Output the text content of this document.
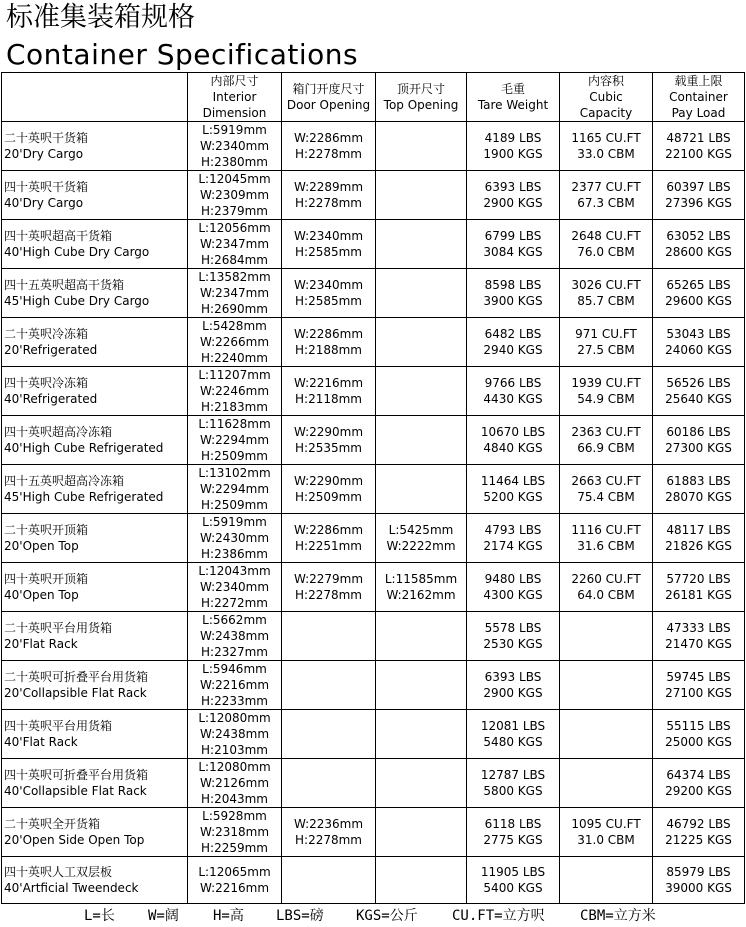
标准集装箱规格
Container Specifications

	内部尺寸
Interior
Dimension	箱门开度尺寸
Door Opening	顶开尺寸
Top Opening	毛重
Tare Weight	内容积
Cubic
Capacity	载重上限
Container
Pay Load

二十英呎干货箱
20'Dry Cargo	L:5919mm
W:2340mm
H:2380mm	W:2286mm
H:2278mm		4189 LBS
1900 KGS	1165 CU.FT
33.0 CBM	48721 LBS
22100 KGS

四十英呎干货箱
40'Dry Cargo	L:12045mm
W:2309mm
H:2379mm	W:2289mm
H:2278mm		6393 LBS
2900 KGS	2377 CU.FT
67.3 CBM	60397 LBS
27396 KGS

四十英呎超高干货箱
40'High Cube Dry Cargo	L:12056mm
W:2347mm
H:2684mm	W:2340mm
H:2585mm		6799 LBS
3084 KGS	2648 CU.FT
76.0 CBM	63052 LBS
28600 KGS

四十五英呎超高干货箱
45'High Cube Dry Cargo	L:13582mm
W:2347mm
H:2690mm	W:2340mm
H:2585mm		8598 LBS
3900 KGS	3026 CU.FT
85.7 CBM	65265 LBS
29600 KGS

二十英呎冷冻箱
20'Refrigerated	L:5428mm
W:2266mm
H:2240mm	W:2286mm
H:2188mm		6482 LBS
2940 KGS	971 CU.FT
27.5 CBM	53043 LBS
24060 KGS

四十英呎冷冻箱
40'Refrigerated	L:11207mm
W:2246mm
H:2183mm	W:2216mm
H:2118mm		9766 LBS
4430 KGS	1939 CU.FT
54.9 CBM	56526 LBS
25640 KGS

四十英呎超高冷冻箱
40'High Cube Refrigerated	L:11628mm
W:2294mm
H:2509mm	W:2290mm
H:2535mm		10670 LBS
4840 KGS	2363 CU.FT
66.9 CBM	60186 LBS
27300 KGS

四十五英呎超高冷冻箱
45'High Cube Refrigerated	L:13102mm
W:2294mm
H:2509mm	W:2290mm
H:2509mm		11464 LBS
5200 KGS	2663 CU.FT
75.4 CBM	61883 LBS
28070 KGS

二十英呎开顶箱
20'Open Top	L:5919mm
W:2430mm
H:2386mm	W:2286mm
H:2251mm	L:5425mm
W:2222mm	4793 LBS
2174 KGS	1116 CU.FT
31.6 CBM	48117 LBS
21826 KGS

四十英呎开顶箱
40'Open Top	L:12043mm
W:2340mm
H:2272mm	W:2279mm
H:2278mm	L:11585mm
W:2162mm	9480 LBS
4300 KGS	2260 CU.FT
64.0 CBM	57720 LBS
26181 KGS

二十英呎平台用货箱
20'Flat Rack	L:5662mm
W:2438mm
H:2327mm			5578 LBS
2530 KGS		47333 LBS
21470 KGS

二十英呎可折叠平台用货箱
20'Collapsible Flat Rack	L:5946mm
W:2216mm
H:2233mm			6393 LBS
2900 KGS		59745 LBS
27100 KGS

四十英呎平台用货箱
40'Flat Rack	L:12080mm
W:2438mm
H:2103mm			12081 LBS
5480 KGS		55115 LBS
25000 KGS

四十英呎可折叠平台用货箱
40'Collapsible Flat Rack	L:12080mm
W:2126mm
H:2043mm			12787 LBS
5800 KGS		64374 LBS
29200 KGS

二十英呎全开货箱
20'Open Side Open Top	L:5928mm
W:2318mm
H:2259mm	W:2236mm
H:2278mm		6118 LBS
2775 KGS	1095 CU.FT
31.0 CBM	46792 LBS
21225 KGS

四十英呎人工双层板
40'Artficial Tweendeck	L:12065mm
W:2216mm			11905 LBS
5400 KGS		85979 LBS
39000 KGS
L=长 W=阔 H=高 LBS=磅 KGS=公斤 CU.FT=立方呎	CBM=立方米
